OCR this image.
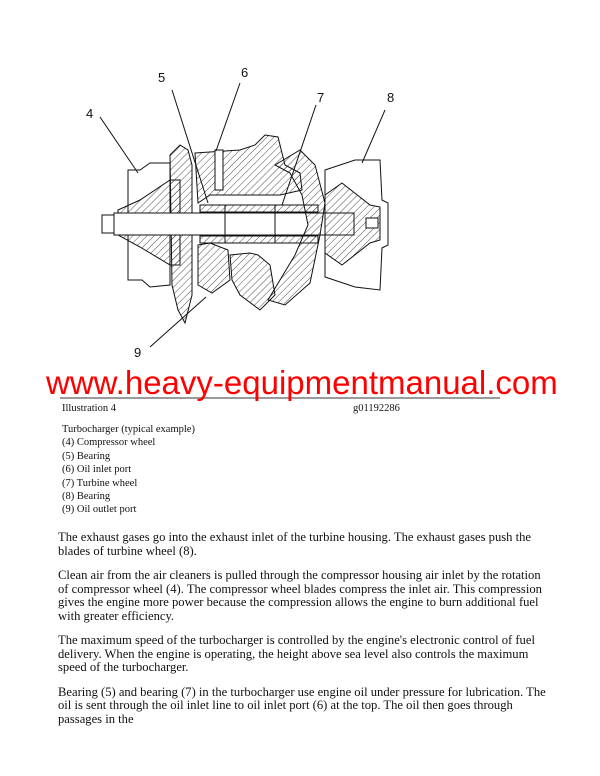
4
5	6
7	8
9
www.heavy-equipmentmanual.com
Illustration 4	g01192286
Turbocharger (typical example)
(4) Compressor wheel
(5) Bearing
(6) Oil inlet port
(7) Turbine wheel
(8) Bearing
(9) Oil outlet port

The exhaust gases go into the exhaust inlet of the turbine housing. The exhaust gases push the blades of turbine wheel (8).

Clean air from the air cleaners is pulled through the compressor housing air inlet by the rotation of compressor wheel (4). The compressor wheel blades compress the inlet air. This compression gives the engine more power because the compression allows the engine to burn additional fuel with greater efficiency.

The maximum speed of the turbocharger is controlled by the engine's electronic control of fuel delivery. When the engine is operating, the height above sea level also controls the maximum speed of the turbocharger.

Bearing (5) and bearing (7) in the turbocharger use engine oil under pressure for lubrication. The oil is sent through the oil inlet line to oil inlet port (6) at the top. The oil then goes through passages in the
